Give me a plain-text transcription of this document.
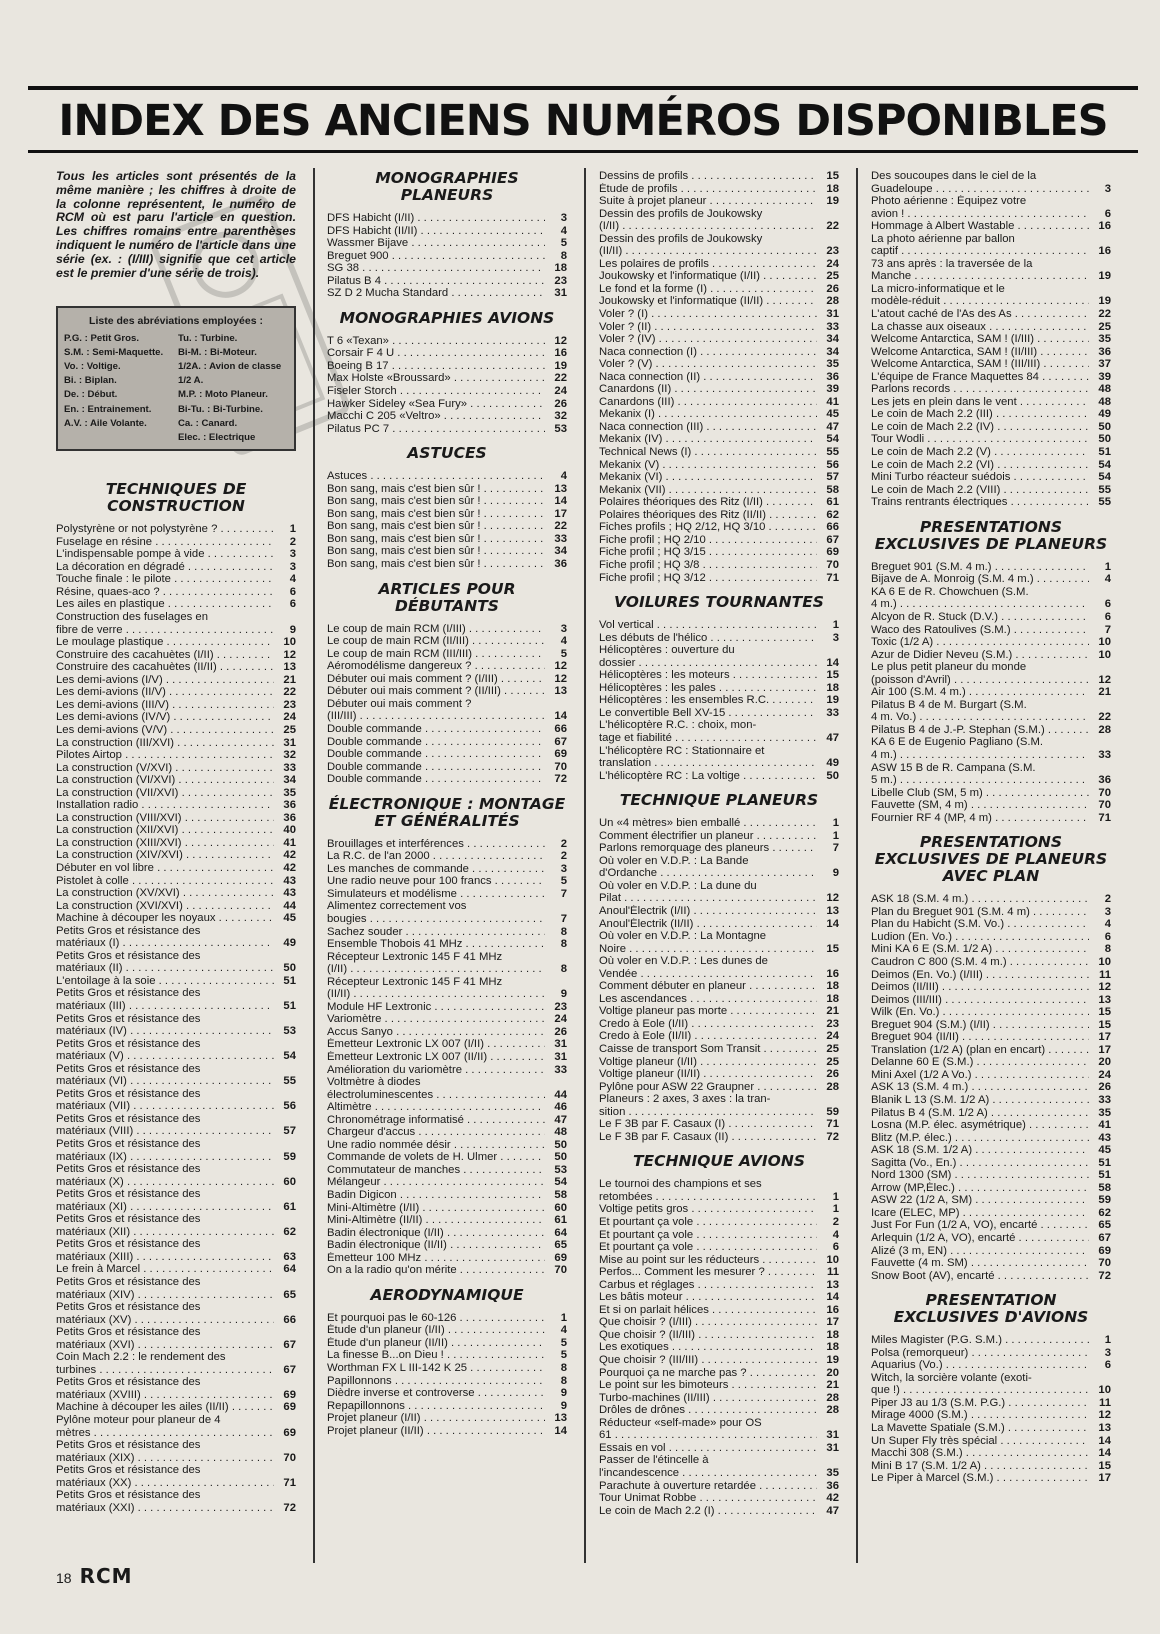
INDEX DES ANCIENS NUMÉROS DISPONIBLES

Tous les articles sont présentés de la même manière ; les chiffres à droite de la colonne représentent, le numéro de RCM où est paru l'article en question. Les chiffres romains entre parenthèses indiquent le numéro de l'article dans une série (ex. : (I/III) signifie que cet article est le premier d'une série de trois).

Liste des abréviations employées :
P.G. : Petit Gros.	Tu. : Turbine.
S.M. : Semi-Maquette.	Bi-M. : Bi-Moteur.
Vo. : Voltige.	1/2A. : Avion de classe
Bi. : Biplan.	1/2 A.
De. : Début.	M.P. : Moto Planeur.
En. : Entrainement.	Bi-Tu. : Bi-Turbine.
A.V. : Aile Volante.	Ca. : Canard.
Elec. : Electrique
TECHNIQUES DE CONSTRUCTION
Polystyrène or not polystyrène ? . . .	1
Fuselage en résine . . .	2
L'indispensable pompe à vide . . .	3
La décoration en dégradé . . .	3
Touche finale : le pilote . . .	4
Résine, quaes-aco ? . . .	6
Les ailes en plastique . . .	6
Construction des fuselages en
fibre de verre . . .	9
Le moulage plastique . . .	10
Construire des cacahuètes (I/II) . . .	12
Construire des cacahuètes (II/II) . . .	13
Les demi-avions (I/V) . . .	21
Les demi-avions (II/V) . . .	22
Les demi-avions (III/V) . . .	23
Les demi-avions (IV/V) . . .	24
Les demi-avions (V/V) . . .	25
La construction (III/XVI) . . .	31
Pilotes Airtop . . .	32
La construction (V/XVI) . . .	33
La construction (VI/XVI) . . .	34
La construction (VII/XVI) . . .	35
Installation radio . . .	36
La construction (VIII/XVI) . . .	36
La construction (XII/XVI) . . .	40
La construction (XIII/XVI) . . .	41
La construction (XIV/XVI) . . .	42
Débuter en vol libre . . .	42
Pistolet à colle . . .	43
La construction (XV/XVI) . . .	43
La construction (XVI/XVI) . . .	44
Machine à découper les noyaux . . .	45
Petits Gros et résistance des
matériaux (I) . . .	49
Petits Gros et résistance des
matériaux (II) . . .	50
L'entoilage à la soie . . .	51
Petits Gros et résistance des
matériaux (III) . . .	51
Petits Gros et résistance des
matériaux (IV) . . .	53
Petits Gros et résistance des
matériaux (V) . . .	54
Petits Gros et résistance des
matériaux (VI) . . .	55
Petits Gros et résistance des
matériaux (VII) . . .	56
Petits Gros et résistance des
matériaux (VIII) . . .	57
Petits Gros et résistance des
matériaux (IX) . . .	59
Petits Gros et résistance des
matériaux (X) . . .	60
Petits Gros et résistance des
matériaux (XI) . . .	61
Petits Gros et résistance des
matériaux (XII) . . .	62
Petits Gros et résistance des
matériaux (XIII) . . .	63
Le frein à Marcel . . .	64
Petits Gros et résistance des
matériaux (XIV) . . .	65
Petits Gros et résistance des
matériaux (XV) . . .	66
Petits Gros et résistance des
matériaux (XVI) . . .	67
Coin Mach 2.2 : le rendement des
turbines . . .	67
Petits Gros et résistance des
matériaux (XVIII) . . .	69
Machine à découper les ailes (II/II) . . .	69
Pylône moteur pour planeur de 4
mètres . . .	69
Petits Gros et résistance des
matériaux (XIX) . . .	70
Petits Gros et résistance des
matériaux (XX) . . .	71
Petits Gros et résistance des
matériaux (XXI) . . .	72
MONOGRAPHIES PLANEURS
DFS Habicht (I/II) . . .	3
DFS Habicht (II/II) . . .	4
Wassmer Bijave . . .	5
Breguet 900 . . .	8
SG 38 . . .	18
Pilatus B 4 . . .	23
SZ D 2 Mucha Standard . . .	31
MONOGRAPHIES AVIONS
T 6 «Texan» . . .	12
Corsair F 4 U . . .	16
Boeing B 17 . . .	19
Max Holste «Broussard» . . .	22
Fiseler Storch . . .	24
Hawker Sideley «Sea Fury» . . .	26
Macchi C 205 «Veltro» . . .	32
Pilatus PC 7 . . .	53
ASTUCES
Astuces . . .	4
Bon sang, mais c'est bien sûr ! . . .	13
Bon sang, mais c'est bien sûr ! . . .	14
Bon sang, mais c'est bien sûr ! . . .	17
Bon sang, mais c'est bien sûr ! . . .	22
Bon sang, mais c'est bien sûr ! . . .	33
Bon sang, mais c'est bien sûr ! . . .	34
Bon sang, mais c'est bien sûr ! . . .	36
ARTICLES POUR DÉBUTANTS
Le coup de main RCM (I/III) . . .	3
Le coup de main RCM (II/III) . . .	4
Le coup de main RCM (III/III) . . .	5
Aéromodélisme dangereux ? . . .	12
Débuter oui mais comment ? (I/III) . . .	12
Débuter oui mais comment ? (II/III) . . .	13
Débuter oui mais comment ?
(III/III) . . .	14
Double commande . . .	66
Double commande . . .	67
Double commande . . .	69
Double commande . . .	70
Double commande . . .	72
ÉLECTRONIQUE : MONTAGE ET GÉNÉRALITÉS
Brouillages et interférences . . .	2
La R.C. de l'an 2000 . . .	2
Les manches de commande . . .	3
Une radio neuve pour 100 francs . . .	5
Simulateurs et modélisme . . .	7
Alimentez correctement vos
bougies . . .	7
Sachez souder . . .	8
Ensemble Thobois 41 MHz . . .	8
Récepteur Lextronic 145 F 41 MHz
(I/II) . . .	8
Récepteur Lextronic 145 F 41 MHz
(II/II) . . .	9
Module HF Lextronic . . .	23
Variomètre . . .	24
Accus Sanyo . . .	26
Émetteur Lextronic LX 007 (I/II) . . .	31
Émetteur Lextronic LX 007 (II/II) . . .	31
Amélioration du variomètre . . .	33
Voltmètre à diodes
électroluminescentes . . .	44
Altimètre . . .	46
Chronométrage informatisé . . .	47
Chargeur d'accus . . .	48
Une radio nommée désir . . .	50
Commande de volets de H. Ulmer . . .	50
Commutateur de manches . . .	53
Mélangeur . . .	54
Badin Digicon . . .	58
Mini-Altimètre (I/II) . . .	60
Mini-Altimètre (II/II) . . .	61
Badin électronique (I/II) . . .	64
Badin électronique (II/II) . . .	65
Émetteur 100 MHz . . .	69
On a la radio qu'on mérite . . .	70
AERODYNAMIQUE
Et pourquoi pas le 60-126 . . .	1
Étude d'un planeur (I/II) . . .	4
Étude d'un planeur (II/II) . . .	5
La finesse B...on Dieu ! . . .	5
Worthman FX L III-142 K 25 . . .	8
Papillonnons . . .	8
Dièdre inverse et controverse . . .	9
Repapillonnons . . .	9
Projet planeur (I/II) . . .	13
Projet planeur (II/II) . . .	14
Dessins de profils . . .	15
Étude de profils . . .	18
Suite à projet planeur . . .	19
Dessin des profils de Joukowsky
(I/II) . . .	22
Dessin des profils de Joukowsky
(II/II) . . .	23
Les polaires de profils . . .	24
Joukowsky et l'informatique (I/II) . . .	25
Le fond et la forme (I) . . .	26
Joukowsky et l'informatique (II/II) . . .	28
Voler ? (I) . . .	31
Voler ? (II) . . .	33
Voler ? (IV) . . .	34
Naca connection (I) . . .	34
Voler ? (V) . . .	35
Naca connection (II) . . .	36
Canardons (II) . . .	39
Canardons (III) . . .	41
Mekanix (I) . . .	45
Naca connection (III) . . .	47
Mekanix (IV) . . .	54
Technical News (I) . . .	55
Mekanix (V) . . .	56
Mekanix (VI) . . .	57
Mekanix (VII) . . .	58
Polaires théoriques des Ritz (I/II) . . .	61
Polaires théoriques des Ritz (II/II) . . .	62
Fiches profils ; HQ 2/12, HQ 3/10 . . .	66
Fiche profil ; HQ 2/10 . . .	67
Fiche profil ; HQ 3/15 . . .	69
Fiche profil ; HQ 3/8 . . .	70
Fiche profil ; HQ 3/12 . . .	71
VOILURES TOURNANTES
Vol vertical . . .	1
Les débuts de l'hélico . . .	3
Hélicoptères : ouverture du
dossier . . .	14
Hélicoptères : les moteurs . . .	15
Hélicoptères : les pales . . .	18
Hélicoptères : les ensembles R.C. . . .	19
Le convertible Bell XV-15 . . .	33
L'hélicoptère R.C. : choix, mon-
tage et fiabilité . . .	47
L'hélicoptère RC : Stationnaire et
translation . . .	49
L'hélicoptère RC : La voltige . . .	50
TECHNIQUE PLANEURS
Un «4 mètres» bien emballé . . .	1
Comment électrifier un planeur . . .	1
Parlons remorquage des planeurs . . .	7
Où voler en V.D.P. : La Bande
d'Ordanche . . .	9
Où voler en V.D.P. : La dune du
Pilat . . .	12
Anoul'Électrik (I/II) . . .	13
Anoul'Électrik (II/II) . . .	14
Où voler en V.D.P. : La Montagne
Noire . . .	15
Où voler en V.D.P. : Les dunes de
Vendée . . .	16
Comment débuter en planeur . . .	18
Les ascendances . . .	18
Voltige planeur pas morte . . .	21
Credo à Eole (I/II) . . .	23
Credo à Eole (II/II) . . .	24
Caisse de transport Som Transit . . .	25
Voltige planeur (I/II) . . .	25
Voltige planeur (II/II) . . .	26
Pylône pour ASW 22 Graupner . . .	28
Planeurs : 2 axes, 3 axes : la tran-
sition . . .	59
Le F 3B par F. Casaux (I) . . .	71
Le F 3B par F. Casaux (II) . . .	72
TECHNIQUE AVIONS
Le tournoi des champions et ses
retombées . . .	1
Voltige petits gros . . .	1
Et pourtant ça vole . . .	2
Et pourtant ça vole . . .	4
Et pourtant ça vole . . .	6
Mise au point sur les réducteurs . . .	10
Perfos... Comment les mesurer ? . . .	11
Carbus et réglages . . .	13
Les bâtis moteur . . .	14
Et si on parlait hélices . . .	16
Que choisir ? (I/III) . . .	17
Que choisir ? (II/III) . . .	18
Les exotiques . . .	18
Que choisir ? (III/III) . . .	19
Pourquoi ça ne marche pas ? . . .	20
Le point sur les bimoteurs . . .	21
Turbo-machines (II/III) . . .	28
Drôles de drônes . . .	28
Réducteur «self-made» pour OS
61 . . .	31
Essais en vol . . .	31
Passer de l'étincelle à
l'incandescence . . .	35
Parachute à ouverture retardée . . .	36
Tour Unimat Robbe . . .	42
Le coin de Mach 2.2 (I) . . .	47
Des soucoupes dans le ciel de la
Guadeloupe . . .	3
Photo aérienne : Équipez votre
avion ! . . .	6
Hommage à Albert Wastable . . .	16
La photo aérienne par ballon
captif . . .	16
73 ans après : la traversée de la
Manche . . .	19
La micro-informatique et le
modèle-réduit . . .	19
L'atout caché de l'As des As . . .	22
La chasse aux oiseaux . . .	25
Welcome Antarctica, SAM ! (I/III) . . .	35
Welcome Antarctica, SAM ! (II/III) . . .	36
Welcome Antarctica, SAM ! (III/III) . . .	37
L'équipe de France Maquettes 84 . . .	39
Parlons records . . .	48
Les jets en plein dans le vent . . .	48
Le coin de Mach 2.2 (III) . . .	49
Le coin de Mach 2.2 (IV) . . .	50
Tour Wodli . . .	50
Le coin de Mach 2.2 (V) . . .	51
Le coin de Mach 2.2 (VI) . . .	54
Mini Turbo réacteur suédois . . .	54
Le coin de Mach 2.2 (VIII) . . .	55
Trains rentrants électriques . . .	55
PRESENTATIONS EXCLUSIVES DE PLANEURS
Breguet 901 (S.M. 4 m.) . . .	1
Bijave de A. Monroig (S.M. 4 m.) . . .	4
KA 6 E de R. Chowchuen (S.M.
4 m.) . . .	6
Alcyon de R. Stuck (D.V.) . . .	6
Waco des Ratoulives (S.M.) . . .	7
Toxic (1/2 A) . . .	10
Azur de Didier Neveu (S.M.) . . .	10
Le plus petit planeur du monde
(poisson d'Avril) . . .	12
Air 100 (S.M. 4 m.) . . .	21
Pilatus B 4 de M. Burgart (S.M.
4 m. Vo.) . . .	22
Pilatus B 4 de J.-P. Stephan (S.M.) . . .	28
KA 6 E de Eugenio Pagliano (S.M.
4 m.) . . .	33
ASW 15 B de R. Campana (S.M.
5 m.) . . .	36
Libelle Club (SM, 5 m) . . .	70
Fauvette (SM, 4 m) . . .	70
Fournier RF 4 (MP, 4 m) . . .	71
PRESENTATIONS EXCLUSIVES DE PLANEURS AVEC PLAN
ASK 18 (S.M. 4 m.) . . .	2
Plan du Breguet 901 (S.M. 4 m) . . .	3
Plan du Habicht (S.M. Vo.) . . .	4
Ludion (En. Vo.) . . .	6
Mini KA 6 E (S.M. 1/2 A) . . .	8
Caudron C 800 (S.M. 4 m.) . . .	10
Deimos (En. Vo.) (I/III) . . .	11
Deimos (II/III) . . .	12
Deimos (III/III) . . .	13
Wilk (En. Vo.) . . .	15
Breguet 904 (S.M.) (I/II) . . .	15
Breguet 904 (II/II) . . .	17
Translation (1/2 A) (plan en encart) . . .	17
Delanne 60 E (S.M.) . . .	20
Mini Axel (1/2 A Vo.) . . .	24
ASK 13 (S.M. 4 m.) . . .	26
Blanik L 13 (S.M. 1/2 A) . . .	33
Pilatus B 4 (S.M. 1/2 A) . . .	35
Losna (M.P. élec. asymétrique) . . .	41
Blitz (M.P. élec.) . . .	43
ASK 18 (S.M. 1/2 A) . . .	45
Sagitta (Vo., En.) . . .	51
Nord 1300 (SM) . . .	51
Arrow (MP,Élec.) . . .	58
ASW 22 (1/2 A, SM) . . .	59
Icare (ELEC, MP) . . .	62
Just For Fun (1/2 A, VO), encarté . . .	65
Arlequin (1/2 A, VO), encarté . . .	67
Alizé (3 m, EN) . . .	69
Fauvette (4 m. SM) . . .	70
Snow Boot (AV), encarté . . .	72
PRESENTATION EXCLUSIVES D'AVIONS
Miles Magister (P.G. S.M.) . . .	1
Polsa (remorqueur) . . .	3
Aquarius (Vo.) . . .	6
Witch, la sorcière volante (exoti-
que !) . . .	10
Piper J3 au 1/3 (S.M. P.G.) . . .	11
Mirage 4000 (S.M.) . . .	12
La Mavette Spatiale (S.M.) . . .	13
Un Super Fly très spécial . . .	14
Macchi 308 (S.M.) . . .	14
Mini B 17 (S.M. 1/2 A) . . .	15
Le Piper à Marcel (S.M.) . . .	17
18 RCM
